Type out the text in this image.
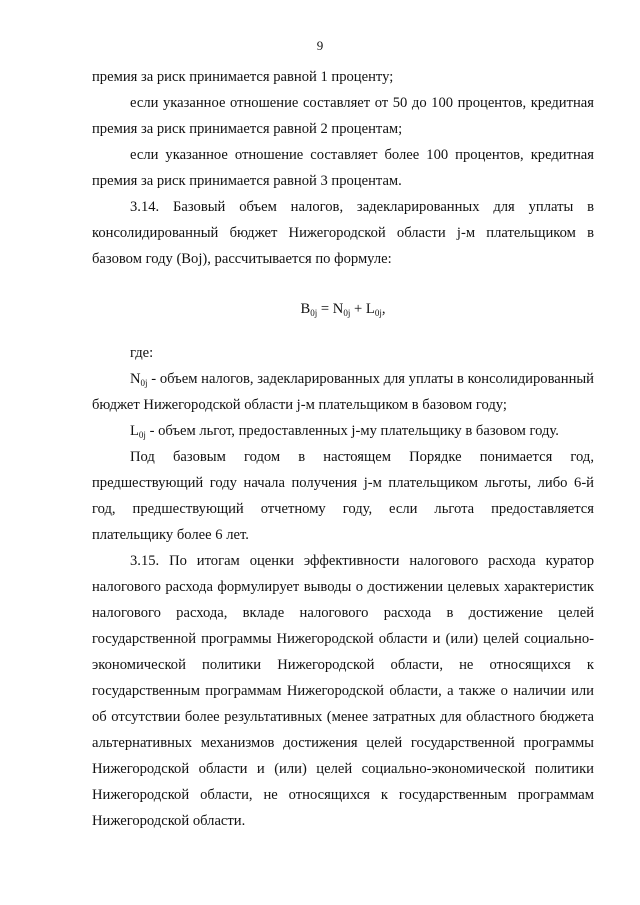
9

премия за риск принимается равной 1 проценту;

если указанное отношение составляет от 50 до 100 процентов, кредитная премия за риск принимается равной 2 процентам;

если указанное отношение составляет более 100 процентов, кредитная премия за риск принимается равной 3 процентам.

3.14. Базовый объем налогов, задекларированных для уплаты в консолидированный бюджет Нижегородской области j-м плательщиком в базовом году (Boj), рассчитывается по формуле:

$B_{0j} = N_{0j} + L_{0j}$,

где:

$N_{0j}$ - объем налогов, задекларированных для уплаты в консолидированный бюджет Нижегородской области j-м плательщиком в базовом году;

$L_{0j}$ - объем льгот, предоставленных j-му плательщику в базовом году.

Под базовым годом в настоящем Порядке понимается год, предшествующий году начала получения j-м плательщиком льготы, либо 6-й год, предшествующий отчетному году, если льгота предоставляется плательщику более 6 лет.

3.15. По итогам оценки эффективности налогового расхода куратор налогового расхода формулирует выводы о достижении целевых характеристик налогового расхода, вкладе налогового расхода в достижение целей государственной программы Нижегородской области и (или) целей социально-экономической политики Нижегородской области, не относящихся к государственным программам Нижегородской области, а также о наличии или об отсутствии более результативных (менее затратных для областного бюджета альтернативных механизмов достижения целей государственной программы Нижегородской области и (или) целей социально-экономической политики Нижегородской области, не относящихся к государственным программам Нижегородской области.
